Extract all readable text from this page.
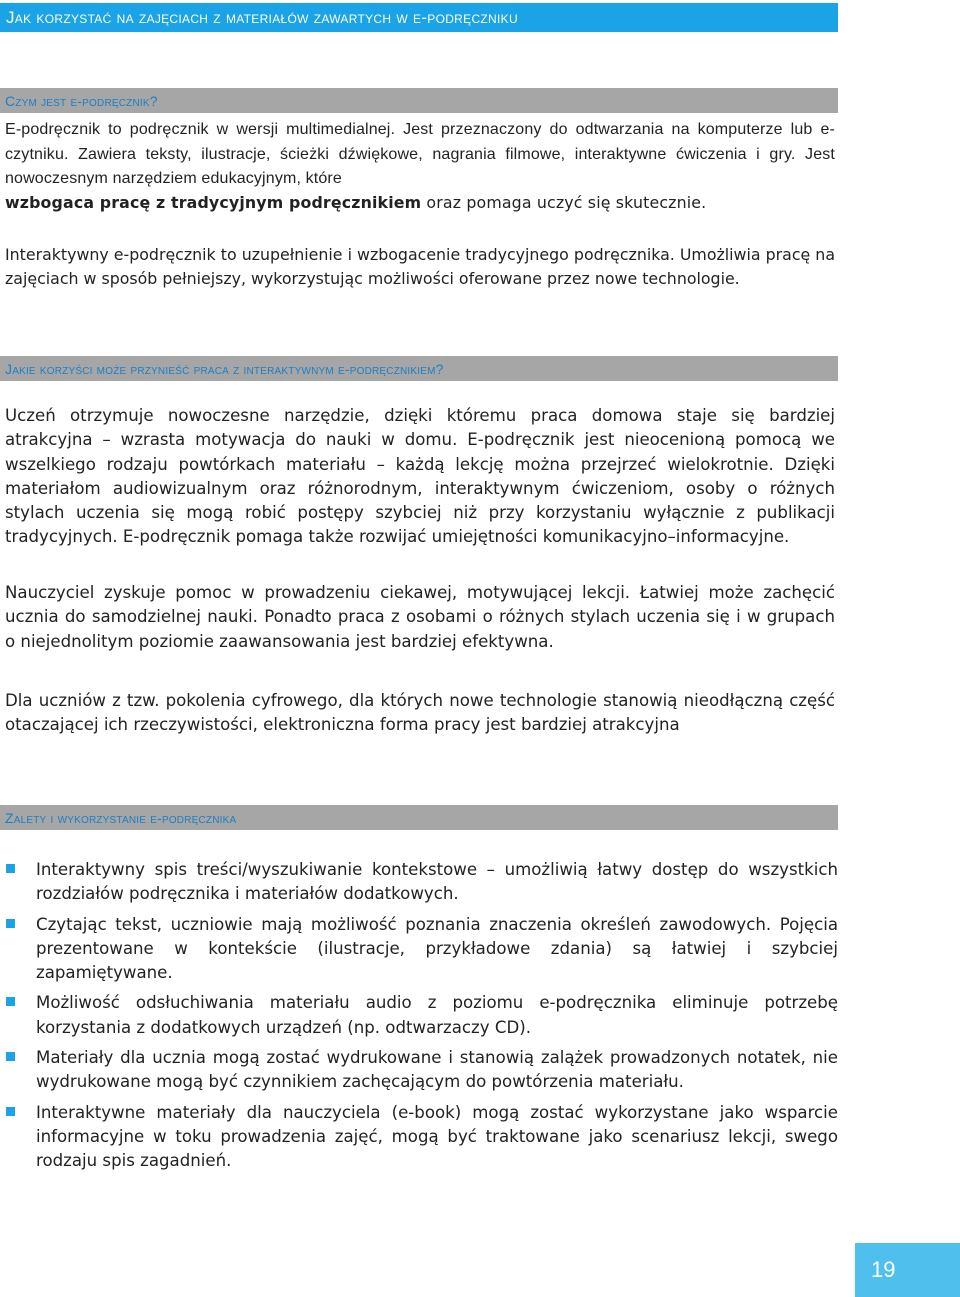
Jak korzystać na zajęciach z materiałów zawartych w e-podręczniku
Czym jest e-podręcznik?

E-podręcznik to podręcznik w wersji multimedialnej. Jest przeznaczony do odtwarzania na komputerze lub e-czytniku. Zawiera teksty, ilustracje, ścieżki dźwiękowe, nagrania filmowe, interaktywne ćwiczenia i gry. Jest nowoczesnym narzędziem edukacyjnym, które
wzbogaca pracę z tradycyjnym podręcznikiem oraz pomaga uczyć się skutecznie.

Interaktywny e-podręcznik to uzupełnienie i wzbogacenie tradycyjnego podręcznika. Umożliwia pracę na zajęciach w sposób pełniejszy, wykorzystując możliwości oferowane przez nowe technologie.

Jakie korzyści może przynieść praca z interaktywnym e-podręcznikiem?

Uczeń otrzymuje nowoczesne narzędzie, dzięki któremu praca domowa staje się bardziej atrakcyjna – wzrasta motywacja do nauki w domu. E-podręcznik jest nieocenioną pomocą we wszelkiego rodzaju powtórkach materiału – każdą lekcję można przejrzeć wielokrotnie. Dzięki materiałom audiowizualnym oraz różnorodnym, interaktywnym ćwiczeniom, osoby o różnych stylach uczenia się mogą robić postępy szybciej niż przy korzystaniu wyłącznie z publikacji tradycyjnych. E-podręcznik pomaga także rozwijać umiejętności komunikacyjno–informacyjne.

Nauczyciel zyskuje pomoc w prowadzeniu ciekawej, motywującej lekcji. Łatwiej może zachęcić ucznia do samodzielnej nauki. Ponadto praca z osobami o różnych stylach uczenia się i w grupach o niejednolitym poziomie zaawansowania jest bardziej efektywna.

Dla uczniów z tzw. pokolenia cyfrowego, dla których nowe technologie stanowią nieodłączną część otaczającej ich rzeczywistości, elektroniczna forma pracy jest bardziej atrakcyjna

Zalety i wykorzystanie e-podręcznika
Interaktywny spis treści/wyszukiwanie kontekstowe – umożliwią łatwy dostęp do wszystkich rozdziałów podręcznika i materiałów dodatkowych.
Czytając tekst, uczniowie mają możliwość poznania znaczenia określeń zawodowych. Pojęcia prezentowane w kontekście (ilustracje, przykładowe zdania) są łatwiej i szybciej zapamiętywane.
Możliwość odsłuchiwania materiału audio z poziomu e-podręcznika eliminuje potrzebę korzystania z dodatkowych urządzeń (np. odtwarzaczy CD).
Materiały dla ucznia mogą zostać wydrukowane i stanowią zalążek prowadzonych notatek, nie wydrukowane mogą być czynnikiem zachęcającym do powtórzenia materiału.
Interaktywne materiały dla nauczyciela (e-book) mogą zostać wykorzystane jako wsparcie informacyjne w toku prowadzenia zajęć, mogą być traktowane jako scenariusz lekcji, swego rodzaju spis zagadnień.
19
